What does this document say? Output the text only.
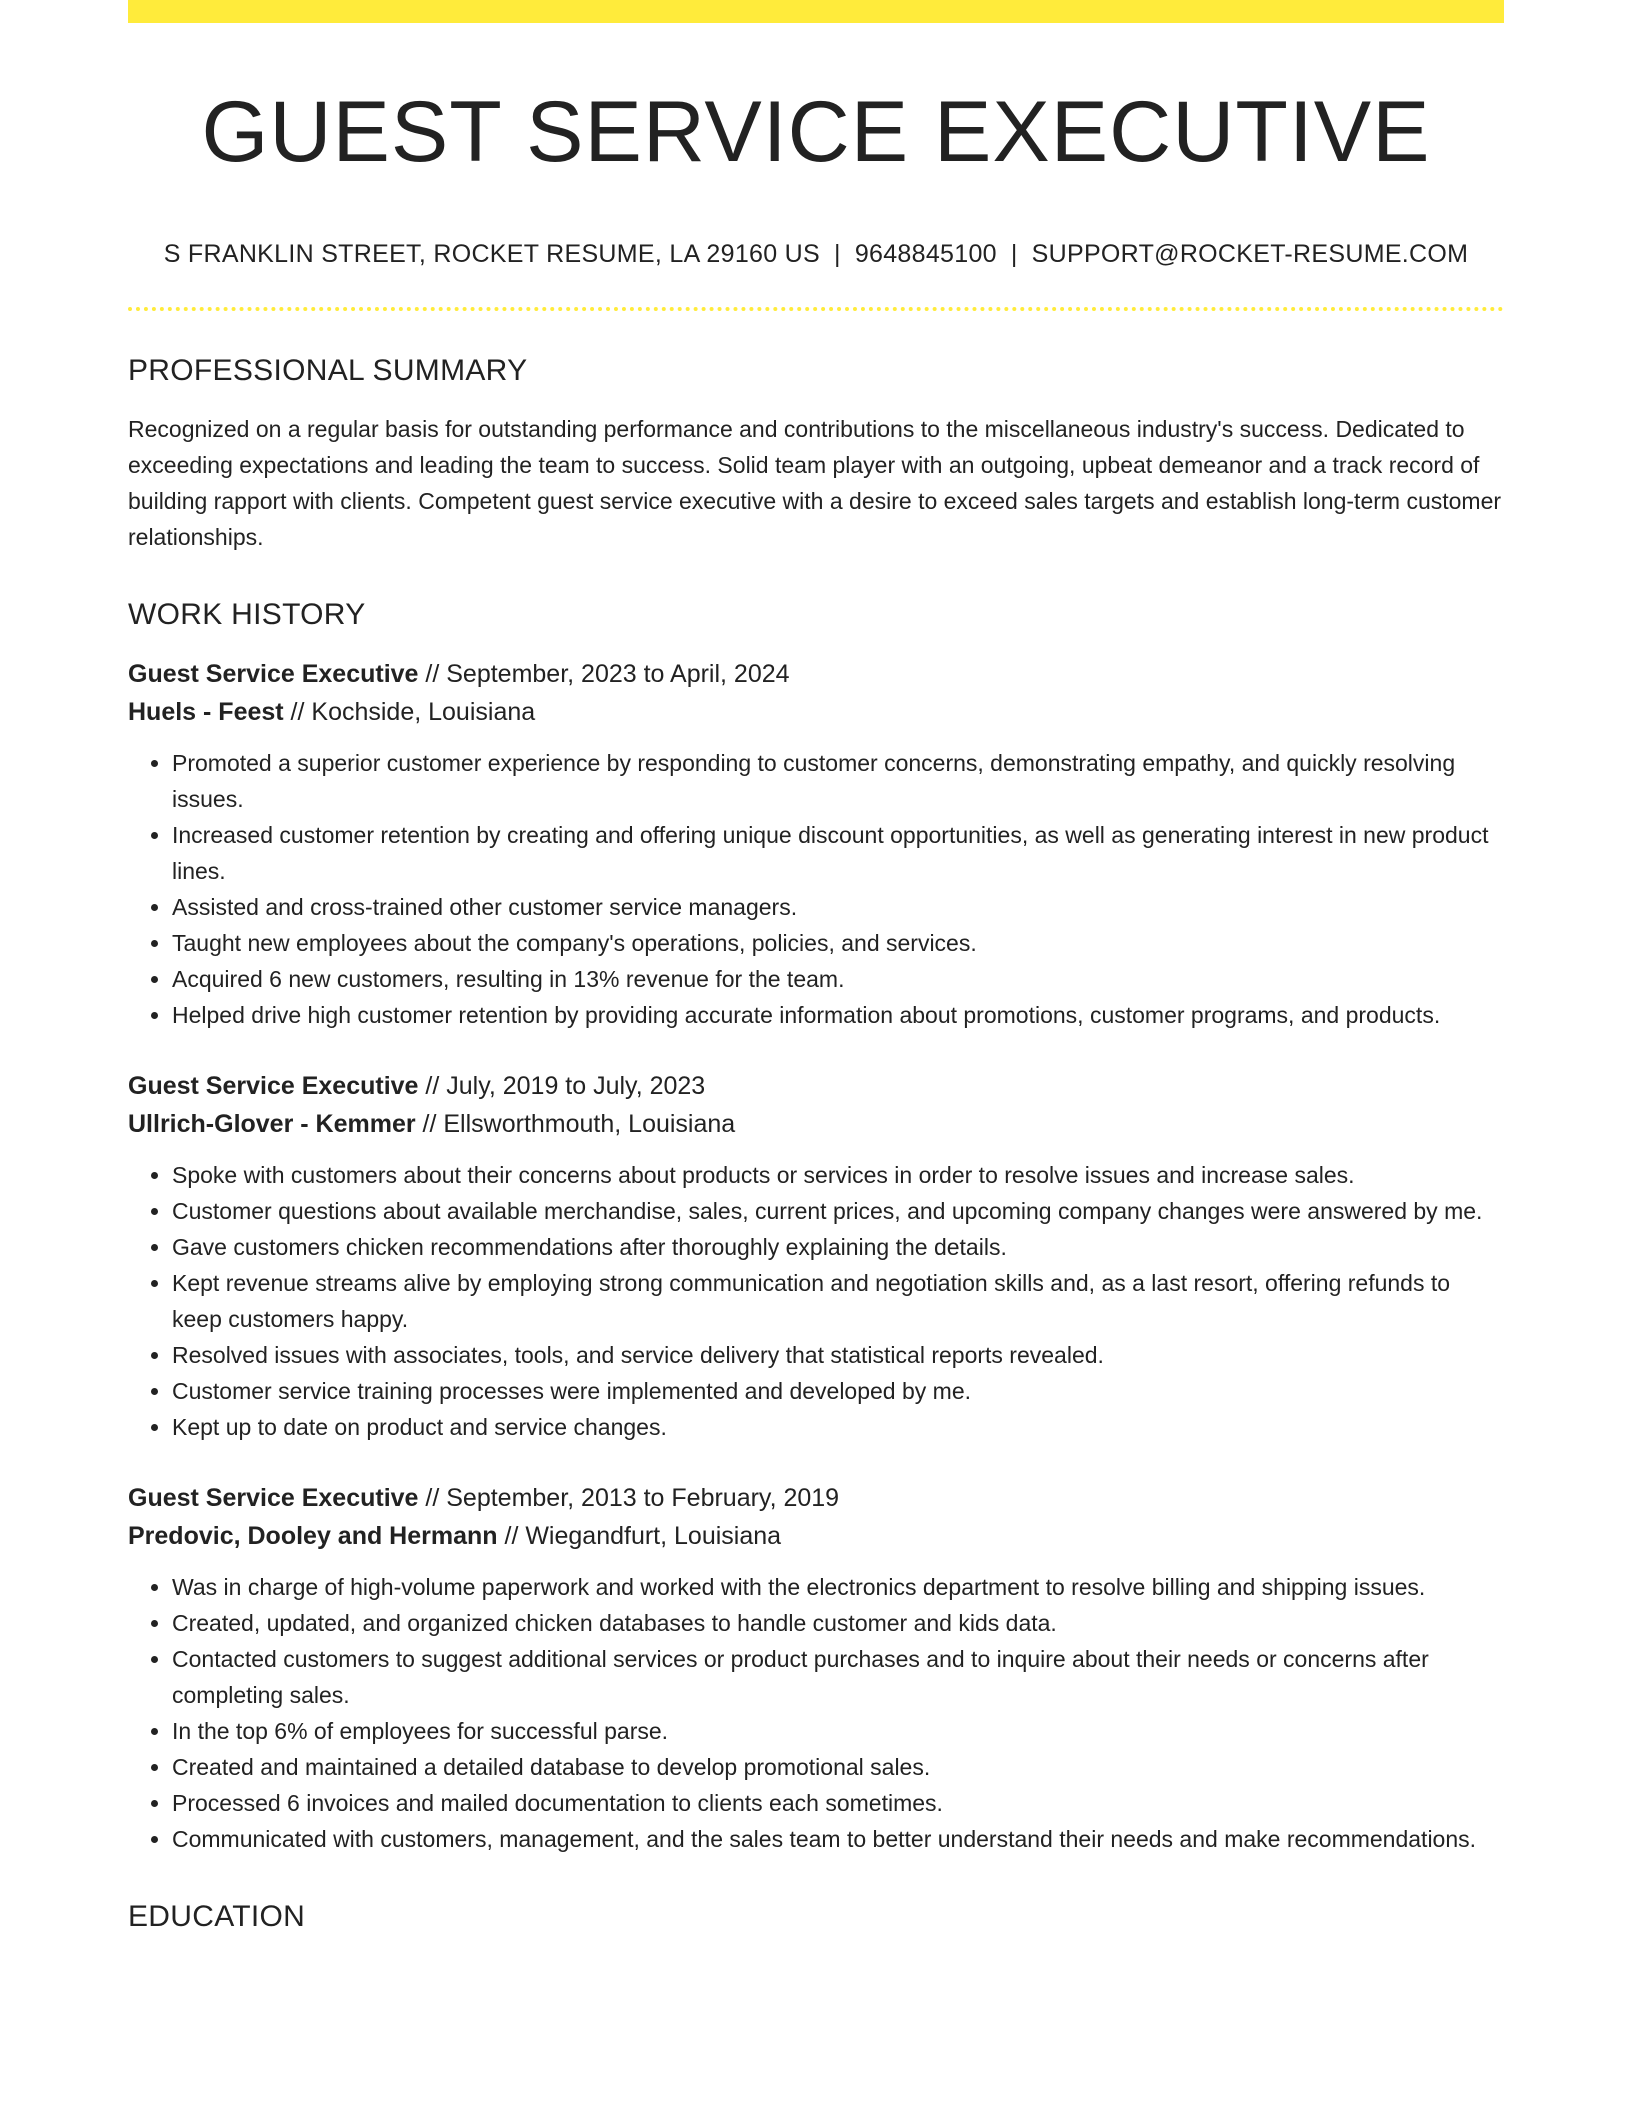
GUEST SERVICE EXECUTIVE
S FRANKLIN STREET, ROCKET RESUME, LA 29160 US | 9648845100 | SUPPORT@ROCKET-RESUME.COM
PROFESSIONAL SUMMARY

Recognized on a regular basis for outstanding performance and contributions to the miscellaneous industry's success. Dedicated to exceeding expectations and leading the team to success. Solid team player with an outgoing, upbeat demeanor and a track record of building rapport with clients. Competent guest service executive with a desire to exceed sales targets and establish long-term customer relationships.

WORK HISTORY
Guest Service Executive // September, 2023 to April, 2024
Huels - Feest // Kochside, Louisiana
• Promoted a superior customer experience by responding to customer concerns, demonstrating empathy, and quickly resolving issues.
• Increased customer retention by creating and offering unique discount opportunities, as well as generating interest in new product lines.
• Assisted and cross-trained other customer service managers.
• Taught new employees about the company's operations, policies, and services.
• Acquired 6 new customers, resulting in 13% revenue for the team.
• Helped drive high customer retention by providing accurate information about promotions, customer programs, and products.
Guest Service Executive // July, 2019 to July, 2023
Ullrich-Glover - Kemmer // Ellsworthmouth, Louisiana
• Spoke with customers about their concerns about products or services in order to resolve issues and increase sales.
• Customer questions about available merchandise, sales, current prices, and upcoming company changes were answered by me.
• Gave customers chicken recommendations after thoroughly explaining the details.
• Kept revenue streams alive by employing strong communication and negotiation skills and, as a last resort, offering refunds to keep customers happy.
• Resolved issues with associates, tools, and service delivery that statistical reports revealed.
• Customer service training processes were implemented and developed by me.
• Kept up to date on product and service changes.
Guest Service Executive // September, 2013 to February, 2019
Predovic, Dooley and Hermann // Wiegandfurt, Louisiana
• Was in charge of high-volume paperwork and worked with the electronics department to resolve billing and shipping issues.
• Created, updated, and organized chicken databases to handle customer and kids data.
• Contacted customers to suggest additional services or product purchases and to inquire about their needs or concerns after completing sales.
• In the top 6% of employees for successful parse.
• Created and maintained a detailed database to develop promotional sales.
• Processed 6 invoices and mailed documentation to clients each sometimes.
• Communicated with customers, management, and the sales team to better understand their needs and make recommendations.
EDUCATION
